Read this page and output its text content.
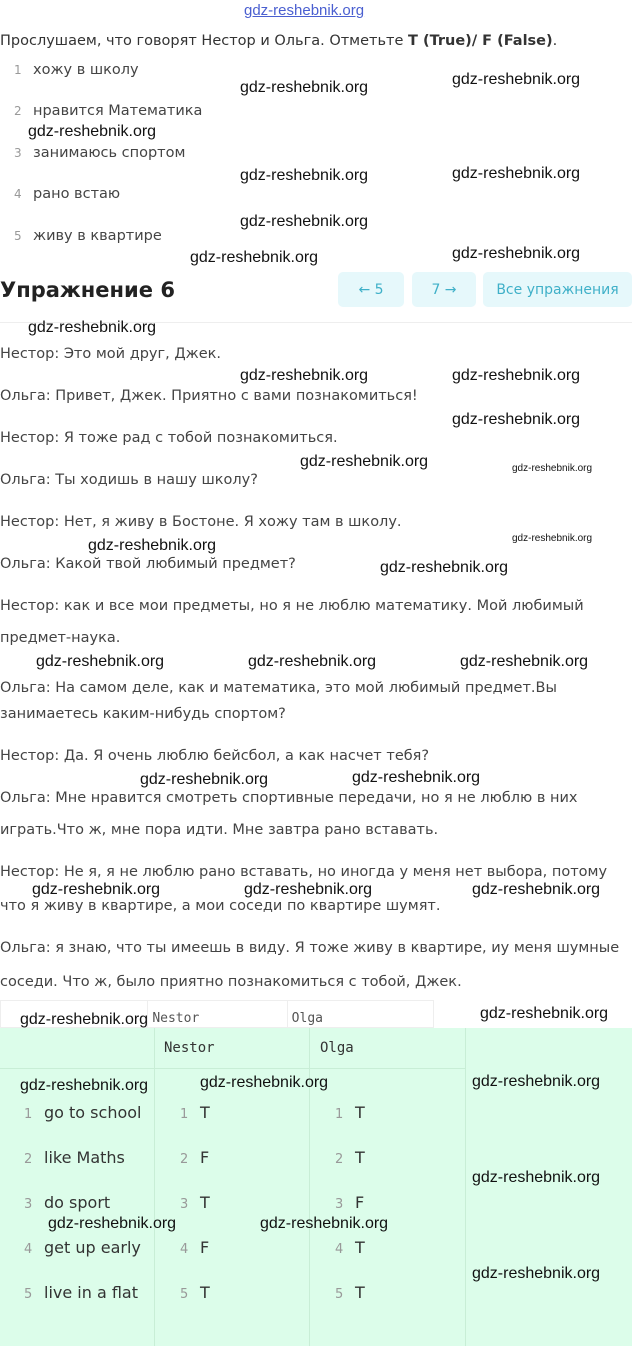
gdz-reshebnik.org
Прослушаем, что говорят Нестор и Ольга. Отметьте T (True)/ F (False).
1 хожу в школу
2 нравится Математика
3 занимаюсь спортом
4 рано встаю
5 живу в квартире
Упражнение 6	← 5	7 →	Все упражнения
Нестор: Это мой друг, Джек.
Ольга: Привет, Джек. Приятно с вами познакомиться!
Нестор: Я тоже рад с тобой познакомиться.
Ольга: Ты ходишь в нашу школу?
Нестор: Нет, я живу в Бостоне. Я хожу там в школу.
Ольга: Какой твой любимый предмет?
Нестор: как и все мои предметы, но я не люблю математику. Мой любимый
предмет-наука.
Ольга: На самом деле, как и математика, это мой любимый предмет.Вы
занимаетесь каким-нибудь спортом?
Нестор: Да. Я очень люблю бейсбол, а как насчет тебя?
Ольга: Мне нравится смотреть спортивные передачи, но я не люблю в них
играть.Что ж, мне пора идти. Мне завтра рано вставать.
Нестор: Не я, я не люблю рано вставать, но иногда у меня нет выбора, потому
что я живу в квартире, а мои соседи по квартире шумят.
Ольга: я знаю, что ты имеешь в виду. Я тоже живу в квартире, иу меня шумные
соседи. Что ж, было приятно познакомиться с тобой, Джек.
Nestor	Olga
Nestor	Olga
1 go to school	1 T	1 T
2 like Maths	2 F	2 T
3 do sport	3 T	3 F
4 get up early	4 F	4 T
5 live in a flat	5 T	5 T
gdz-reshebnik.org	gdz-reshebnik.org
gdz-reshebnik.org
gdz-reshebnik.org	gdz-reshebnik.org
gdz-reshebnik.org
gdz-reshebnik.org
gdz-reshebnik.org
gdz-reshebnik.org
gdz-reshebnik.org	gdz-reshebnik.org
gdz-reshebnik.org
gdz-reshebnik.org	gdz-reshebnik.org
gdz-reshebnik.org	gdz-reshebnik.org
gdz-reshebnik.org
gdz-reshebnik.org	gdz-reshebnik.org	gdz-reshebnik.org
gdz-reshebnik.org	gdz-reshebnik.org
gdz-reshebnik.org	gdz-reshebnik.org	gdz-reshebnik.org
gdz-reshebnik.org
gdz-reshebnik.org
gdz-reshebnik.org
gdz-reshebnik.org	gdz-reshebnik.org
gdz-reshebnik.org
gdz-reshebnik.org	gdz-reshebnik.org
gdz-reshebnik.org
